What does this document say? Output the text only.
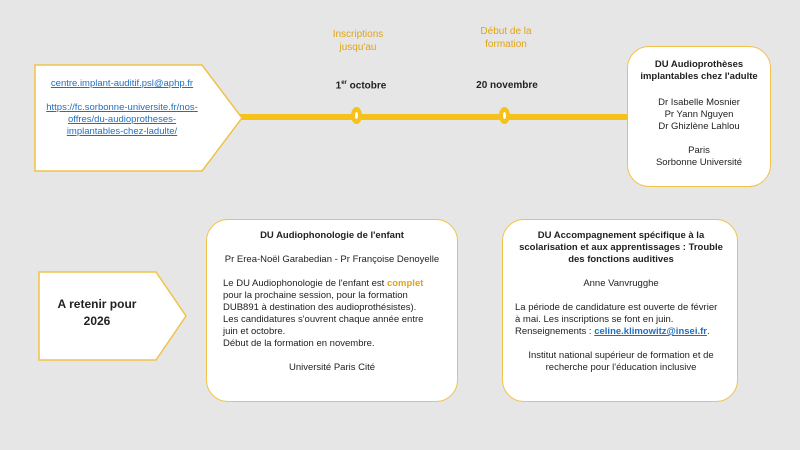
Inscriptions
jusqu'au
Début de la
formation
1er octobre	20 novembre
centre.implant-auditif.psl@aphp.fr
https://fc.sorbonne-universite.fr/nos-
offres/du-audioprotheses-
implantables-chez-ladulte/
DU Audioprothèses
implantables chez l'adulte
Dr Isabelle Mosnier
Pr Yann Nguyen
Dr Ghizlène Lahlou
Paris
Sorbonne Université
A retenir pour
2026
DU Audiophonologie de l'enfant
Pr Erea-Noël Garabedian - Pr Françoise Denoyelle
Le DU Audiophonologie de l'enfant est complet
pour la prochaine session, pour la formation
DUB891 à destination des audioprothésistes).
Les candidatures s'ouvrent chaque année entre
juin et octobre.
Début de la formation en novembre.
Université Paris Cité
DU Accompagnement spécifique à la
scolarisation et aux apprentissages : Trouble
des fonctions auditives
Anne Vanvrugghe
La période de candidature est ouverte de février
à mai. Les inscriptions se font en juin.
Renseignements : celine.klimowitz@insei.fr.
Institut national supérieur de formation et de
recherche pour l'éducation inclusive
